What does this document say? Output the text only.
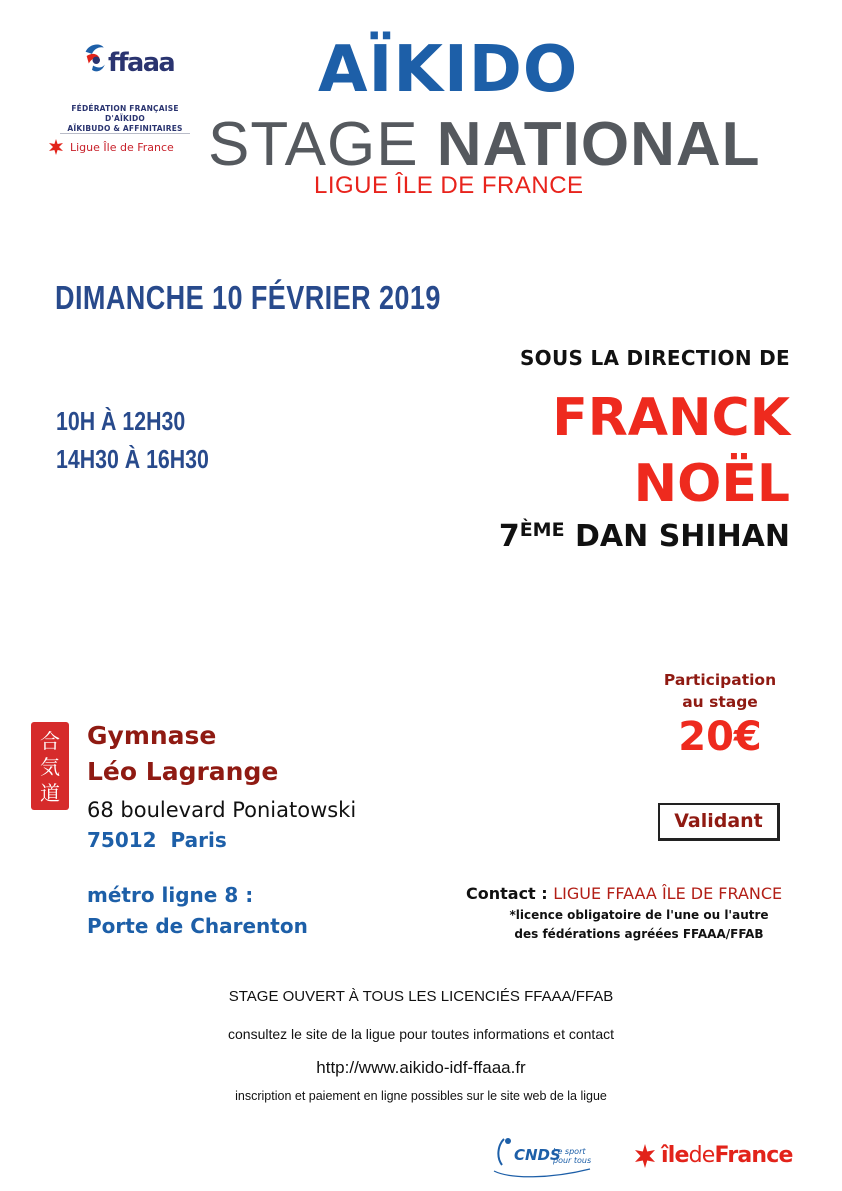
ffaaa
FÉDÉRATION FRANÇAISE D'AÏKIDO
AÏKIBUDO & AFFINITAIRES
Ligue Île de France
AÏKIDO
STAGE NATIONAL
LIGUE ÎLE DE FRANCE
DIMANCHE 10 FÉVRIER 2019
10H À 12H30
14H30 À 16H30
SOUS LA DIRECTION DE
FRANCK
NOËL
7ÈME DAN SHIHAN
合
気
道
Gymnase
Léo Lagrange
68 boulevard Poniatowski
75012  Paris
métro ligne 8 :
Porte de Charenton
Participation
au stage
20€
Validant
Contact : LIGUE FFAAA ÎLE DE FRANCE
*licence obligatoire de l'une ou l'autre
des fédérations agréées FFAAA/FFAB
STAGE OUVERT À TOUS LES LICENCIÉS FFAAA/FFAB
consultez le site de la ligue pour toutes informations et contact
http://www.aikido-idf-ffaaa.fr
inscription et paiement en ligne possibles sur le site web de la ligue
CNDS
Le sport
pour tous	îledeFrance
